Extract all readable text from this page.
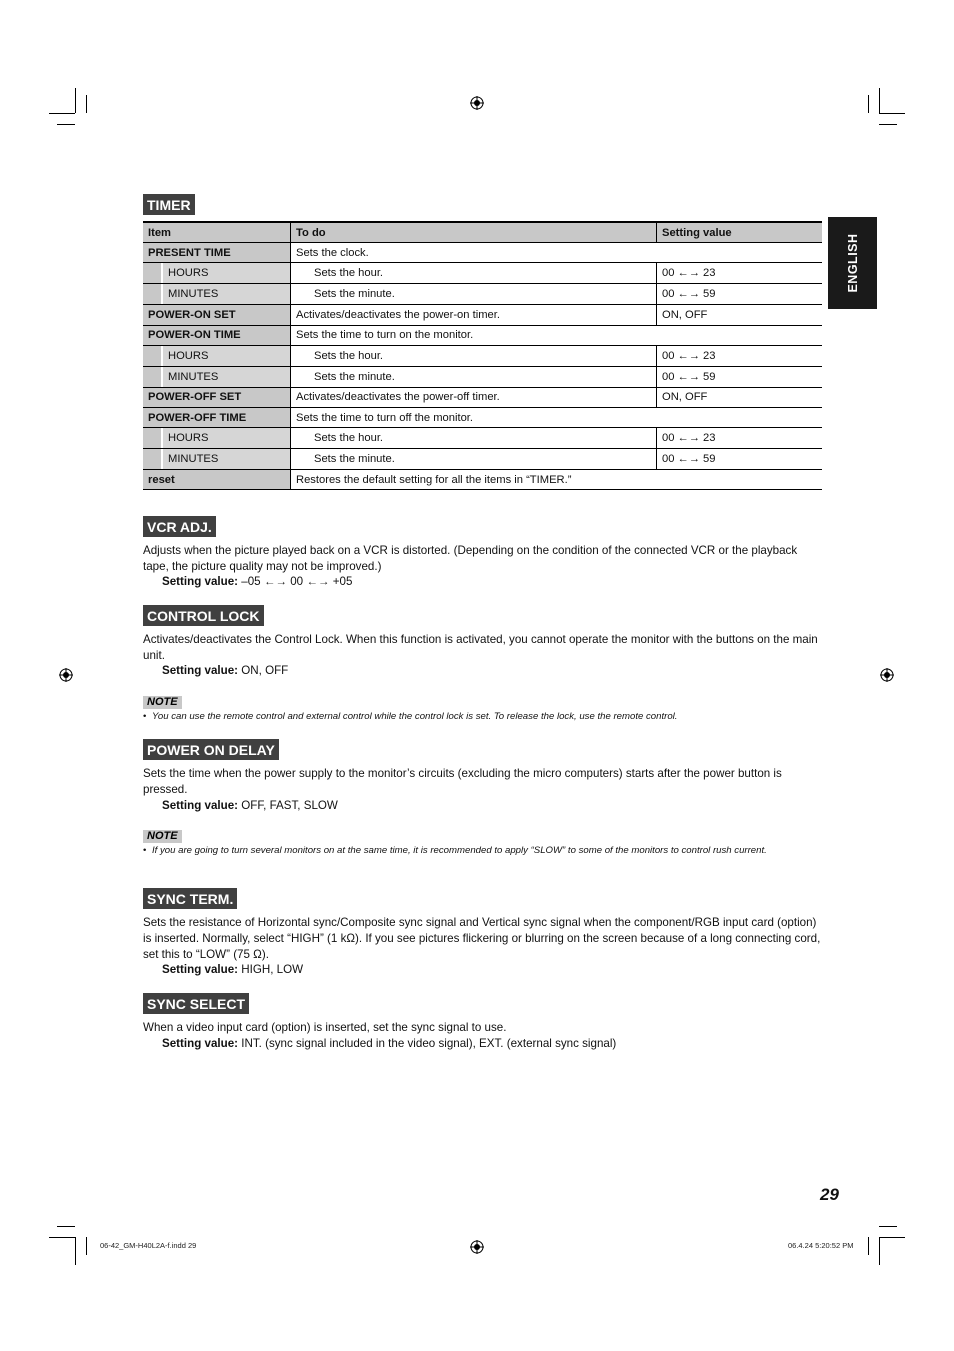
ENGLISH
TIMER
Item	To do	Setting value
PRESENT TIME	Sets the clock.	

HOURS	Sets the hour.	00 ←→ 23

MINUTES	Sets the minute.	00 ←→ 59
POWER-ON SET	Activates/deactivates the power-on timer.	ON, OFF
POWER-ON TIME	Sets the time to turn on the monitor.	

HOURS	Sets the hour.	00 ←→ 23

MINUTES	Sets the minute.	00 ←→ 59
POWER-OFF SET	Activates/deactivates the power-off timer.	ON, OFF
POWER-OFF TIME	Sets the time to turn off the monitor.	

HOURS	Sets the hour.	00 ←→ 23

MINUTES	Sets the minute.	00 ←→ 59
reset	Restores the default setting for all the items in “TIMER.”	
VCR ADJ.
Adjusts when the picture played back on a VCR is distorted. (Depending on the condition of the connected VCR or the playback tape, the picture quality may not be improved.)
Setting value: –05 ←→ 00 ←→ +05
CONTROL LOCK
Activates/deactivates the Control Lock. When this function is activated, you cannot operate the monitor with the buttons on the main unit.
Setting value: ON, OFF
NOTE
• You can use the remote control and external control while the control lock is set. To release the lock, use the remote control.
POWER ON DELAY
Sets the time when the power supply to the monitor’s circuits (excluding the micro computers) starts after the power button is pressed.
Setting value: OFF, FAST, SLOW
NOTE
• If you are going to turn several monitors on at the same time, it is recommended to apply “SLOW” to some of the monitors to control rush current.
SYNC TERM.
Sets the resistance of Horizontal sync/Composite sync signal and Vertical sync signal when the component/RGB input card (option) is inserted. Normally, select “HIGH” (1 kΩ). If you see pictures flickering or blurring on the screen because of a long connecting cord, set this to “LOW” (75 Ω).
Setting value: HIGH, LOW
SYNC SELECT
When a video input card (option) is inserted, set the sync signal to use.
Setting value: INT. (sync signal included in the video signal), EXT. (external sync signal)
29
06-42_GM-H40L2A-f.indd 29	06.4.24 5:20:52 PM
